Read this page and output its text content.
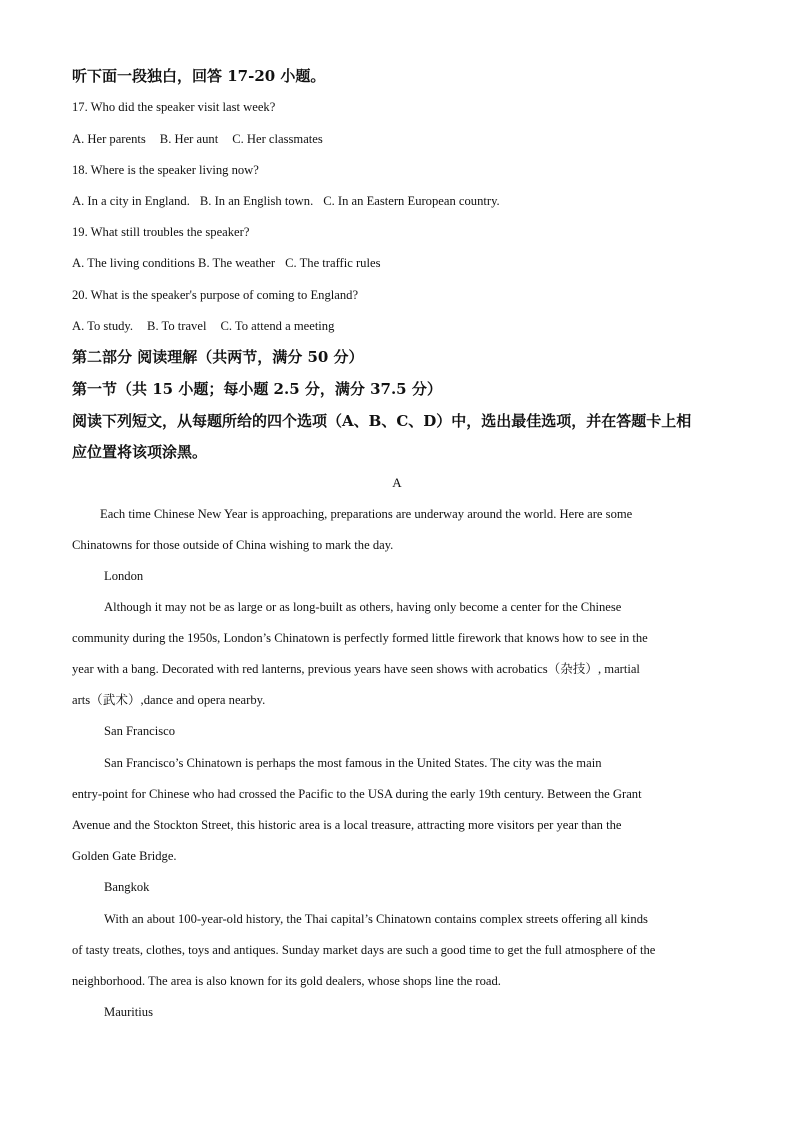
听下面一段独白，回答 17-20 小题。
17. Who did the speaker visit last week?
A. Her parents B. Her aunt C. Her classmates
18. Where is the speaker living now?
A. In a city in England. B. In an English town. C. In an Eastern European country.
19. What still troubles the speaker?
A. The living conditions B. The weather C. The traffic rules
20. What is the speaker's purpose of coming to England?
A. To study. B. To travel C. To attend a meeting
第二部分 阅读理解（共两节，满分 50 分）
第一节（共 15 小题；每小题 2.5 分，满分 37.5 分）
阅读下列短文，从每题所给的四个选项（A、B、C、D）中，选出最佳选项，并在答题卡上相
应位置将该项涂黑。
A
Each time Chinese New Year is approaching, preparations are underway around the world. Here are some
Chinatowns for those outside of China wishing to mark the day.
London
Although it may not be as large or as long-built as others, having only become a center for the Chinese
community during the 1950s, London’s Chinatown is perfectly formed little firework that knows how to see in the
year with a bang. Decorated with red lanterns, previous years have seen shows with acrobatics（杂技）, martial
arts（武术）,dance and opera nearby.
San Francisco
San Francisco’s Chinatown is perhaps the most famous in the United States. The city was the main
entry-point for Chinese who had crossed the Pacific to the USA during the early 19th century. Between the Grant
Avenue and the Stockton Street, this historic area is a local treasure, attracting more visitors per year than the
Golden Gate Bridge.
Bangkok
With an about 100-year-old history, the Thai capital’s Chinatown contains complex streets offering all kinds
of tasty treats, clothes, toys and antiques. Sunday market days are such a good time to get the full atmosphere of the
neighborhood. The area is also known for its gold dealers, whose shops line the road.
Mauritius
